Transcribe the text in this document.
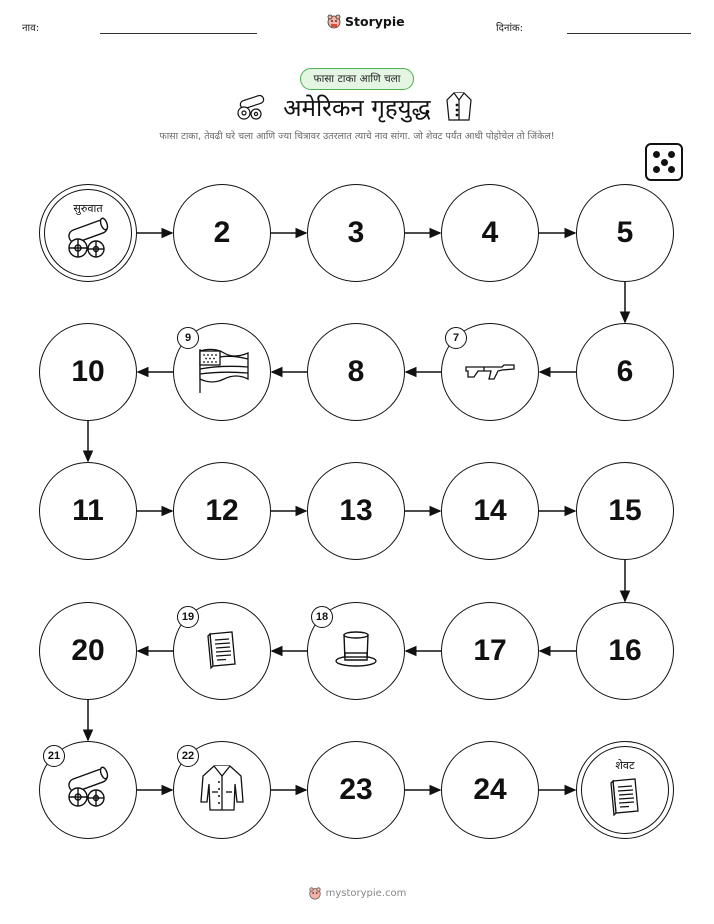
नाव:	Storypie	दिनांक:
फासा टाका आणि चला
अमेरिकन गृहयुद्ध
फासा टाका, तेवढी घरे चला आणि ज्या चित्रावर उतरलात त्याचे नाव सांगा. जो शेवट पर्यंत आधी पोहोचेल तो जिंकेल!
सुरुवात
2	3	4	5
6
7
8
9
10
11	12	13	14	15
16
17
18
19
20
21	22
23	24
शेवट
mystorypie.com
